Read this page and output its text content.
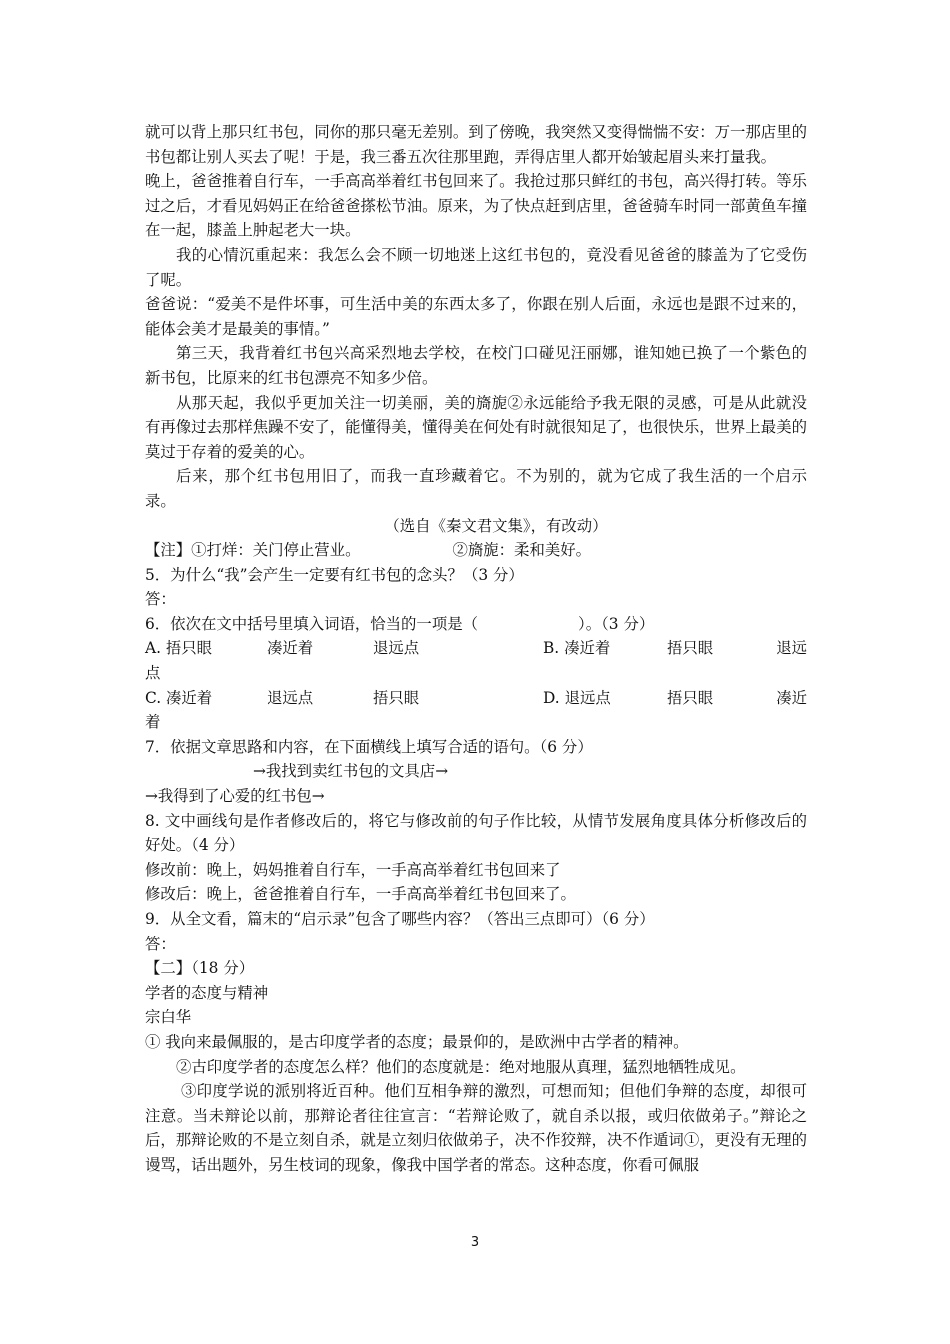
就可以背上那只红书包，同你的那只毫无差别。到了傍晚，我突然又变得惴惴不安：万一那店里的书包都让别人买去了呢！于是，我三番五次往那里跑，弄得店里人都开始皱起眉头来打量我。

晚上，爸爸推着自行车，一手高高举着红书包回来了。我抢过那只鲜红的书包，高兴得打转。等乐过之后，才看见妈妈正在给爸爸搽松节油。原来，为了快点赶到店里，爸爸骑车时同一部黄鱼车撞在一起，膝盖上肿起老大一块。

我的心情沉重起来：我怎么会不顾一切地迷上这红书包的，竟没看见爸爸的膝盖为了它受伤了呢。

爸爸说：“爱美不是件坏事，可生活中美的东西太多了，你跟在别人后面，永远也是跟不过来的，能体会美才是最美的事情。”

第三天，我背着红书包兴高采烈地去学校，在校门口碰见汪丽娜，谁知她已换了一个紫色的新书包，比原来的红书包漂亮不知多少倍。

从那天起，我似乎更加关注一切美丽，美的旖旎②永远能给予我无限的灵感，可是从此就没有再像过去那样焦躁不安了，能懂得美，懂得美在何处有时就很知足了，也很快乐，世界上最美的莫过于存着的爱美的心。

后来，那个红书包用旧了，而我一直珍藏着它。不为别的，就为它成了我生活的一个启示录。

（选自《秦文君文集》，有改动）

【注】①打烊：关门停止营业。	②旖旎：柔和美好。

5．为什么“我”会产生一定要有红书包的念头？（3 分）

答：

6．依次在文中括号里填入词语，恰当的一项是（	）。（3 分）

A. 捂只眼	凑近着	退远点	B. 凑近着	捂只眼	退远

点

C. 凑近着	退远点	捂只眼	D. 退远点	捂只眼	凑近

着

7．依据文章思路和内容，在下面横线上填写合适的语句。（6 分）

→我找到卖红书包的文具店→

→我得到了心爱的红书包→

8. 文中画线句是作者修改后的，将它与修改前的句子作比较，从情节发展角度具体分析修改后的好处。（4 分）

修改前：晚上，妈妈推着自行车，一手高高举着红书包回来了

修改后：晚上，爸爸推着自行车，一手高高举着红书包回来了。

9．从全文看，篇末的“启示录”包含了哪些内容？（答出三点即可）（6 分）

答：

【二】（18 分）

学者的态度与精神

宗白华

① 我向来最佩服的，是古印度学者的态度；最景仰的，是欧洲中古学者的精神。

②古印度学者的态度怎么样？他们的态度就是：绝对地服从真理，猛烈地牺牲成见。

③印度学说的派别将近百种。他们互相争辩的激烈，可想而知；但他们争辩的态度，却很可注意。当未辩论以前，那辩论者往往宣言：“若辩论败了，就自杀以报，或归依做弟子。”辩论之后，那辩论败的不是立刻自杀，就是立刻归依做弟子，决不作狡辩，决不作遁词①，更没有无理的谩骂，话出题外，另生枝词的现象，像我中国学者的常态。这种态度，你看可佩服

3
